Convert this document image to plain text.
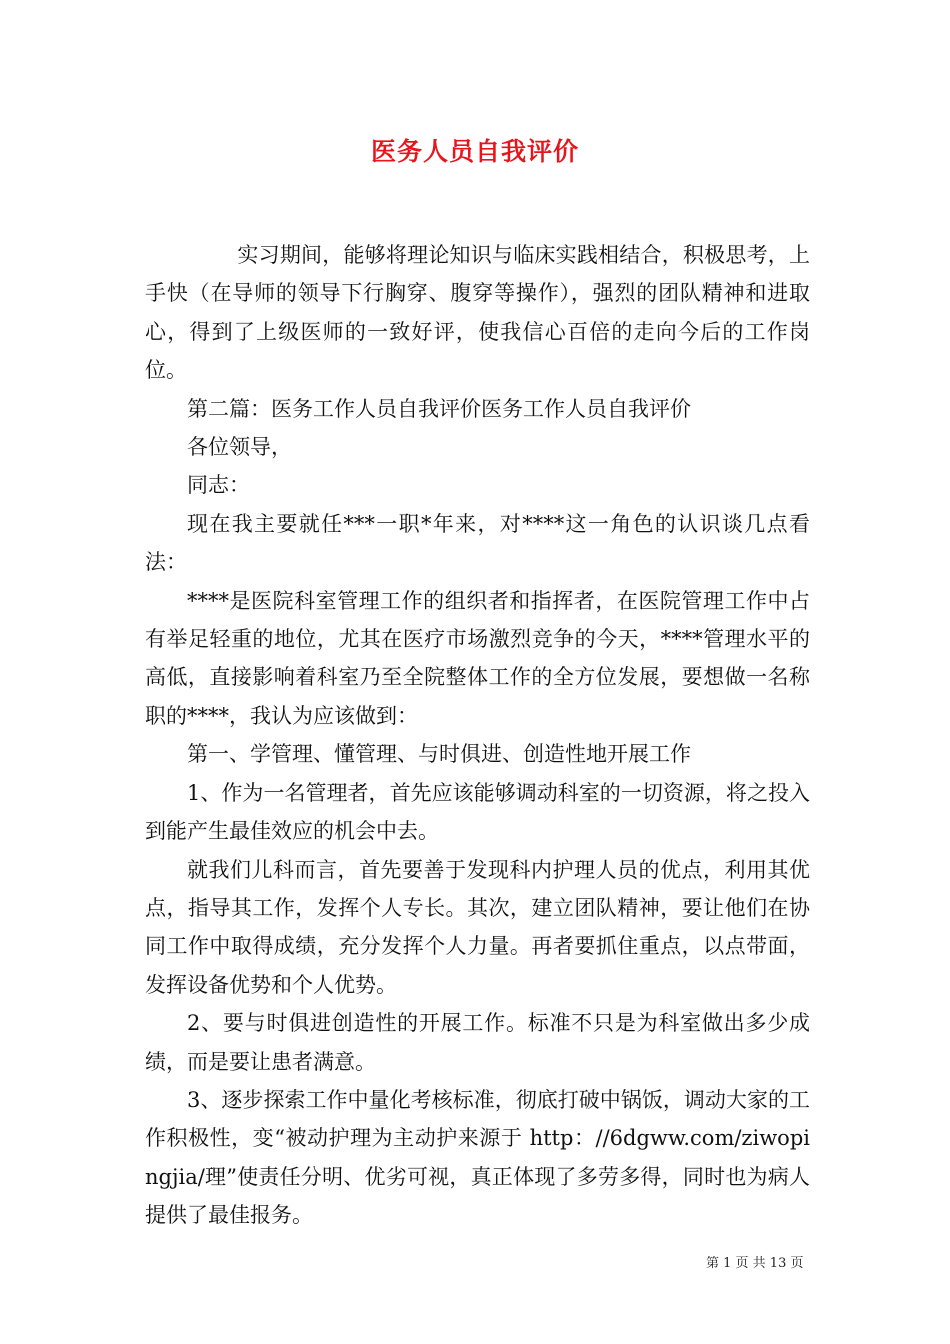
医务人员自我评价

实习期间，能够将理论知识与临床实践相结合，积极思考，上手快（在导师的领导下行胸穿、腹穿等操作），强烈的团队精神和进取心，得到了上级医师的一致好评，使我信心百倍的走向今后的工作岗位。

第二篇：医务工作人员自我评价医务工作人员自我评价

各位领导，

同志：

现在我主要就任***一职*年来，对****这一角色的认识谈几点看法：

****是医院科室管理工作的组织者和指挥者，在医院管理工作中占有举足轻重的地位，尤其在医疗市场激烈竞争的今天，****管理水平的高低，直接影响着科室乃至全院整体工作的全方位发展，要想做一名称职的****，我认为应该做到：

第一、学管理、懂管理、与时俱进、创造性地开展工作

1、作为一名管理者，首先应该能够调动科室的一切资源，将之投入到能产生最佳效应的机会中去。

就我们儿科而言，首先要善于发现科内护理人员的优点，利用其优点，指导其工作，发挥个人专长。其次，建立团队精神，要让他们在协同工作中取得成绩，充分发挥个人力量。再者要抓住重点，以点带面，发挥设备优势和个人优势。

2、要与时俱进创造性的开展工作。标准不只是为科室做出多少成绩，而是要让患者满意。

3、逐步探索工作中量化考核标准，彻底打破中锅饭，调动大家的工作积极性，变“被动护理为主动护来源于 http：//6dgww.com/ziwopingjia/理”使责任分明、优劣可视，真正体现了多劳多得，同时也为病人提供了最佳报务。

第 1 页 共 13 页
